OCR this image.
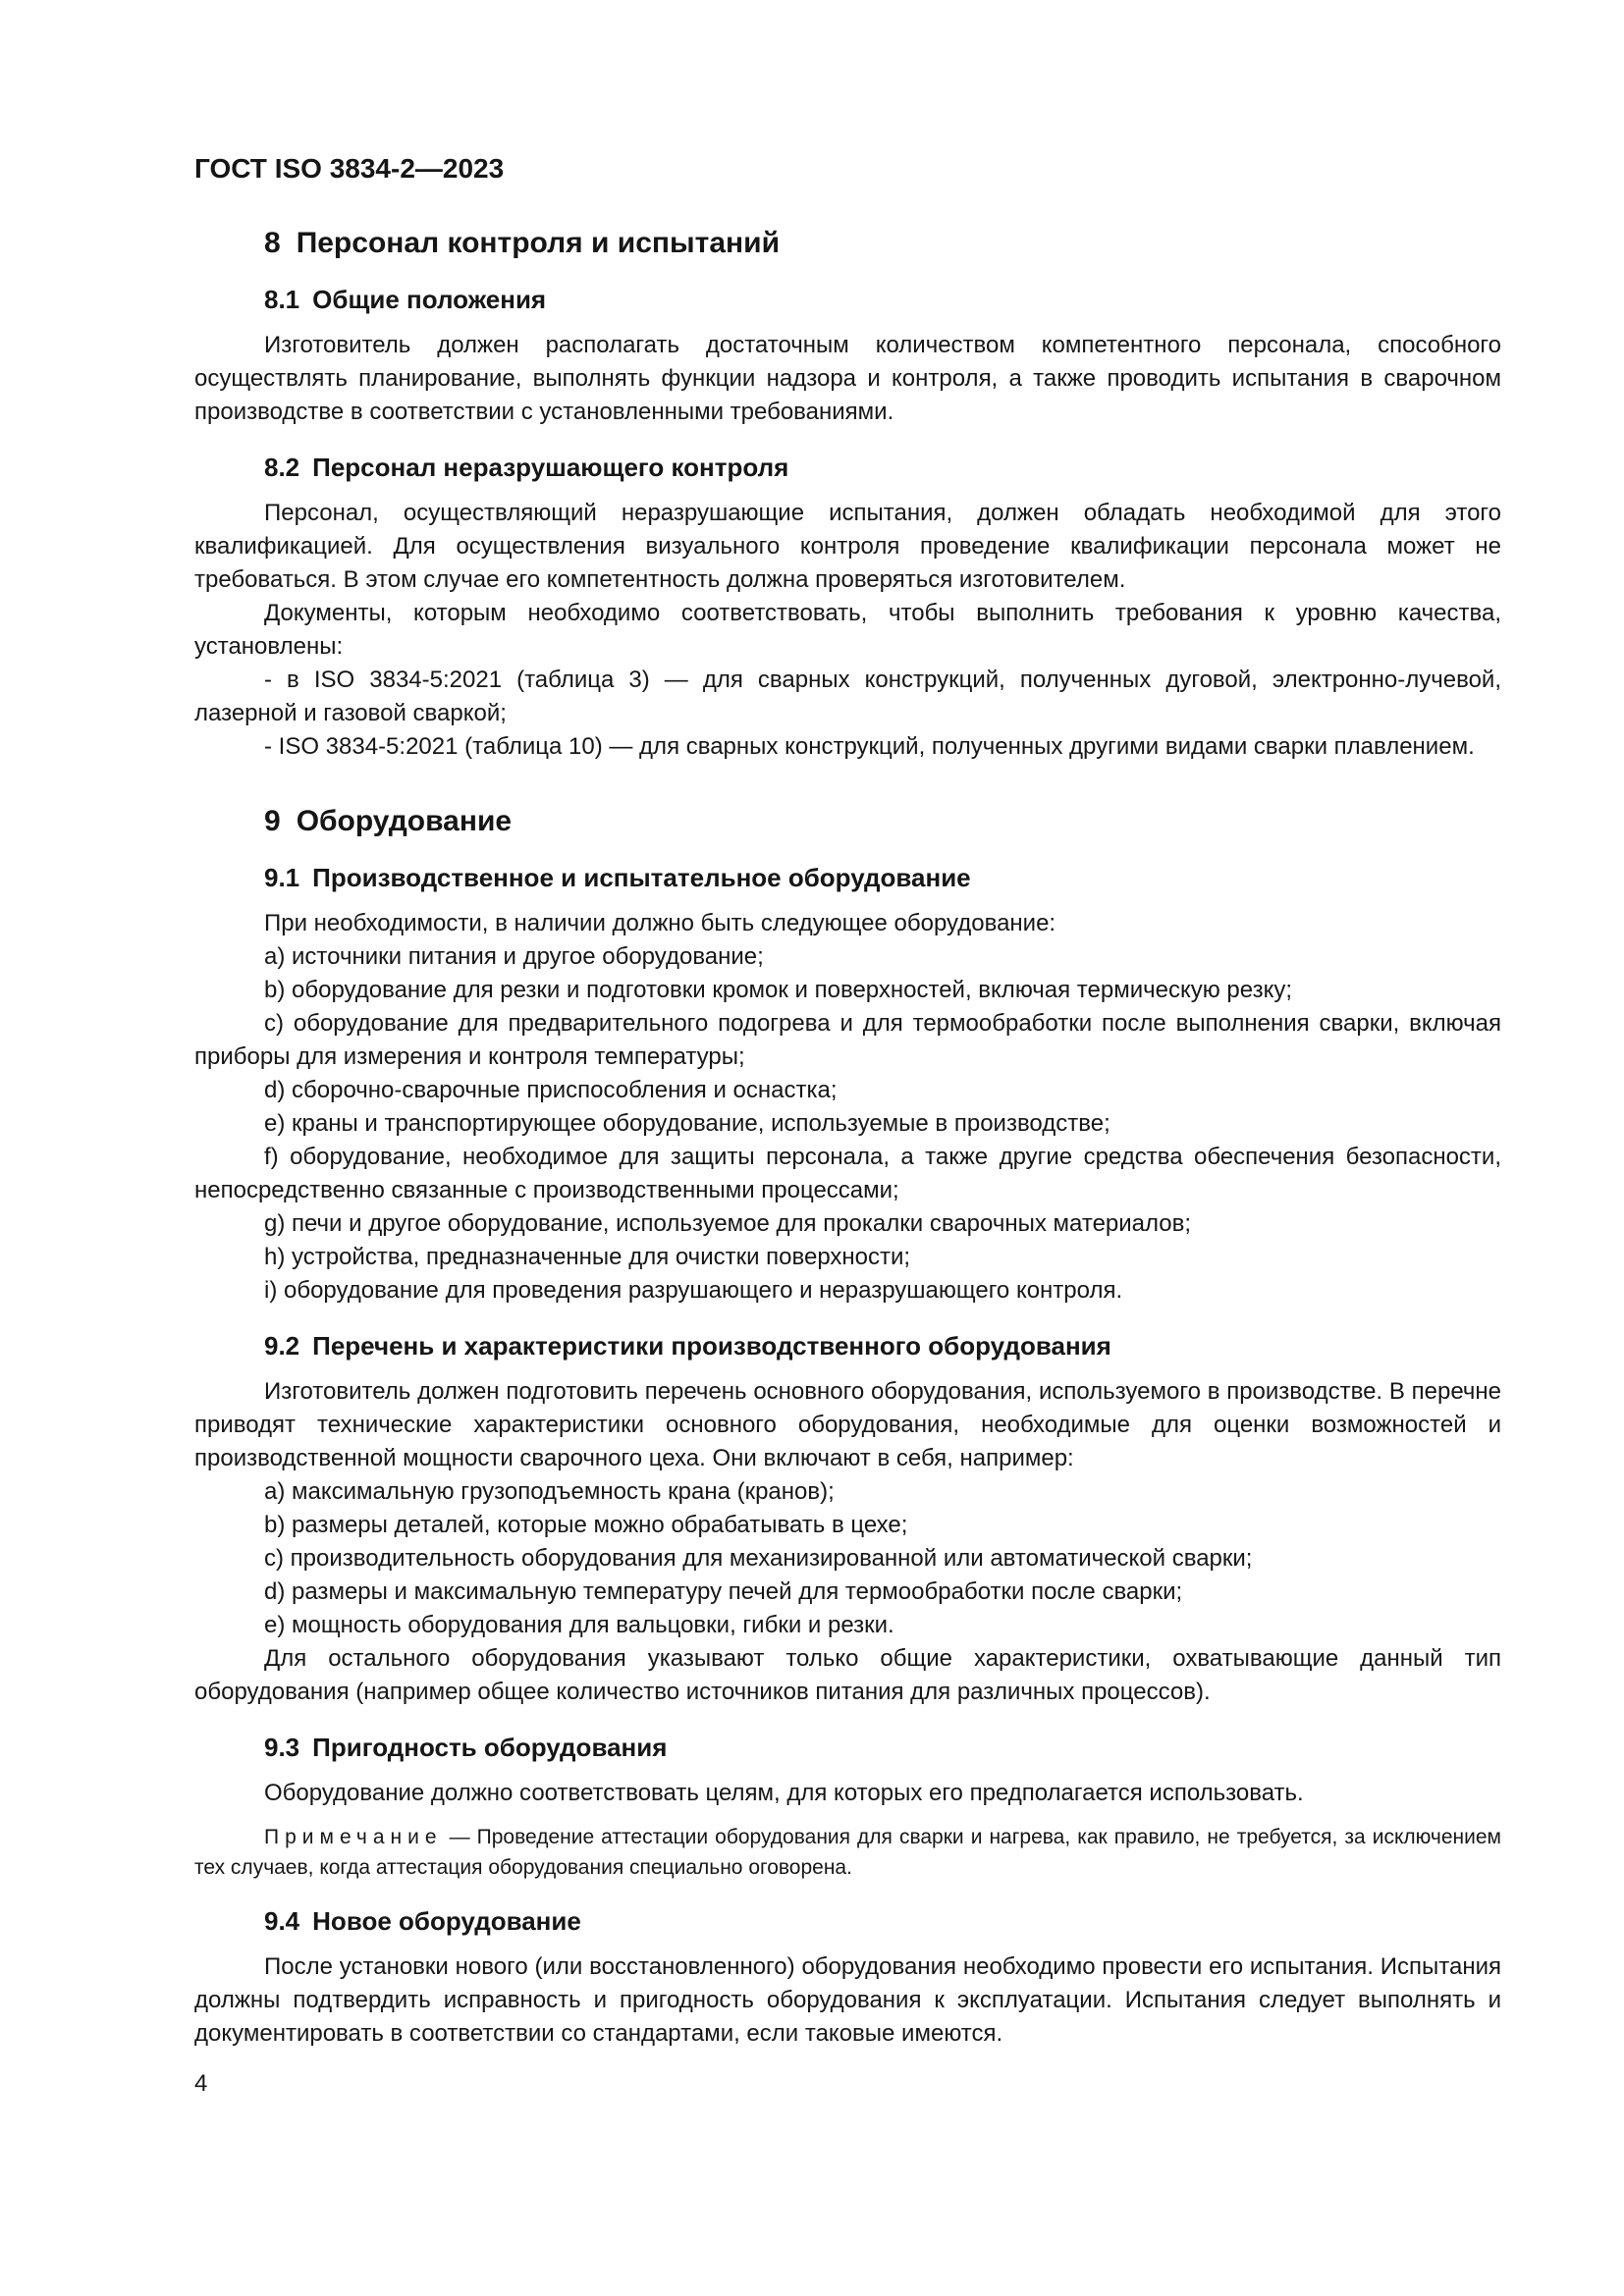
ГОСТ ISO 3834-2—2023

8 Персонал контроля и испытаний
8.1 Общие положения

Изготовитель должен располагать достаточным количеством компетентного персонала, способного осуществлять планирование, выполнять функции надзора и контроля, а также проводить испытания в сварочном производстве в соответствии с установленными требованиями.

8.2 Персонал неразрушающего контроля

Персонал, осуществляющий неразрушающие испытания, должен обладать необходимой для этого квалификацией. Для осуществления визуального контроля проведение квалификации персонала может не требоваться. В этом случае его компетентность должна проверяться изготовителем.

Документы, которым необходимо соответствовать, чтобы выполнить требования к уровню качества, установлены:

- в ISO 3834-5:2021 (таблица 3) — для сварных конструкций, полученных дуговой, электронно-лучевой, лазерной и газовой сваркой;

- ISO 3834-5:2021 (таблица 10) — для сварных конструкций, полученных другими видами сварки плавлением.

9 Оборудование
9.1 Производственное и испытательное оборудование

При необходимости, в наличии должно быть следующее оборудование:

a) источники питания и другое оборудование;

b) оборудование для резки и подготовки кромок и поверхностей, включая термическую резку;

c) оборудование для предварительного подогрева и для термообработки после выполнения сварки, включая приборы для измерения и контроля температуры;

d) сборочно-сварочные приспособления и оснастка;

e) краны и транспортирующее оборудование, используемые в производстве;

f) оборудование, необходимое для защиты персонала, а также другие средства обеспечения безопасности, непосредственно связанные с производственными процессами;

g) печи и другое оборудование, используемое для прокалки сварочных материалов;

h) устройства, предназначенные для очистки поверхности;

i) оборудование для проведения разрушающего и неразрушающего контроля.

9.2 Перечень и характеристики производственного оборудования

Изготовитель должен подготовить перечень основного оборудования, используемого в производстве. В перечне приводят технические характеристики основного оборудования, необходимые для оценки возможностей и производственной мощности сварочного цеха. Они включают в себя, например:

a) максимальную грузоподъемность крана (кранов);

b) размеры деталей, которые можно обрабатывать в цехе;

c) производительность оборудования для механизированной или автоматической сварки;

d) размеры и максимальную температуру печей для термообработки после сварки;

e) мощность оборудования для вальцовки, гибки и резки.

Для остального оборудования указывают только общие характеристики, охватывающие данный тип оборудования (например общее количество источников питания для различных процессов).

9.3 Пригодность оборудования

Оборудование должно соответствовать целям, для которых его предполагается использовать.

Примечание — Проведение аттестации оборудования для сварки и нагрева, как правило, не требуется, за исключением тех случаев, когда аттестация оборудования специально оговорена.

9.4 Новое оборудование

После установки нового (или восстановленного) оборудования необходимо провести его испытания. Испытания должны подтвердить исправность и пригодность оборудования к эксплуатации. Испытания следует выполнять и документировать в соответствии со стандартами, если таковые имеются.

4
